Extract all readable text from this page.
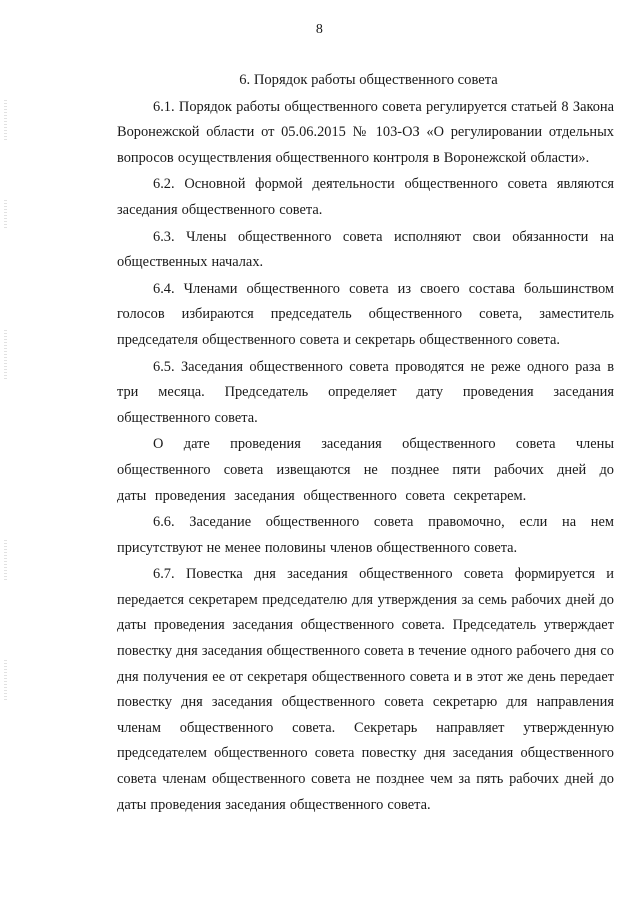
8
6. Порядок работы общественного совета

6.1. Порядок работы общественного совета регулируется статьей 8 Закона Воронежской области от 05.06.2015 № 103-ОЗ «О регулировании отдельных вопросов осуществления общественного контроля в Воронежской области».

6.2. Основной формой деятельности общественного совета являются заседания общественного совета.

6.3. Члены общественного совета исполняют свои обязанности на общественных началах.

6.4. Членами общественного совета из своего состава большинством голосов избираются председатель общественного совета, заместитель председателя общественного совета и секретарь общественного совета.

6.5. Заседания общественного совета проводятся не реже одного раза в три месяца. Председатель определяет дату проведения заседания общественного совета.

О дате проведения заседания общественного совета члены общественного совета извещаются не позднее пяти рабочих дней до даты проведения заседания общественного совета секретарем.

6.6. Заседание общественного совета правомочно, если на нем присутствуют не менее половины членов общественного совета.

6.7. Повестка дня заседания общественного совета формируется и передается секретарем председателю для утверждения за семь рабочих дней до даты проведения заседания общественного совета. Председатель утверждает повестку дня заседания общественного совета в течение одного рабочего дня со дня получения ее от секретаря общественного совета и в этот же день передает повестку дня заседания общественного совета секретарю для направления членам общественного совета. Секретарь направляет утвержденную председателем общественного совета повестку дня заседания общественного совета членам общественного совета не позднее чем за пять рабочих дней до даты проведения заседания общественного совета.
